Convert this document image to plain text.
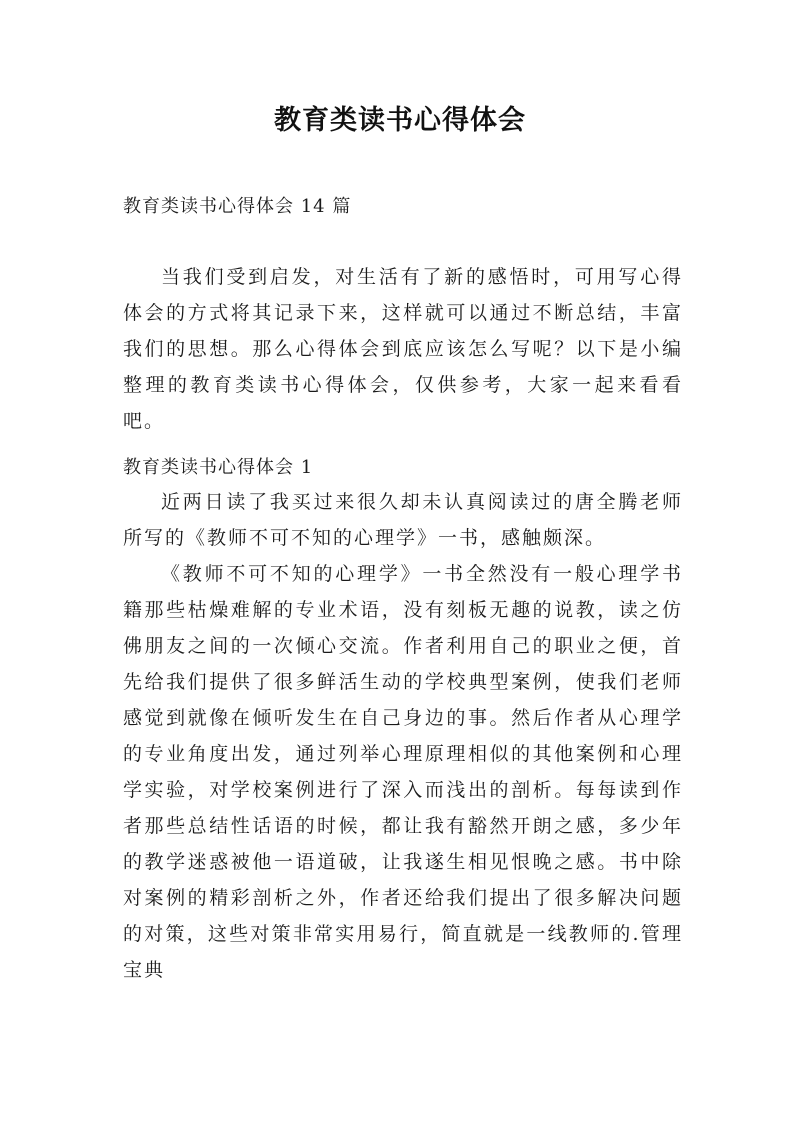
教育类读书心得体会
教育类读书心得体会 14 篇

当我们受到启发，对生活有了新的感悟时，可用写心得体会的方式将其记录下来，这样就可以通过不断总结，丰富我们的思想。那么心得体会到底应该怎么写呢？以下是小编整理的教育类读书心得体会，仅供参考，大家一起来看看吧。

教育类读书心得体会 1

近两日读了我买过来很久却未认真阅读过的唐全腾老师所写的《教师不可不知的心理学》一书，感触颇深。

《教师不可不知的心理学》一书全然没有一般心理学书籍那些枯燥难解的专业术语，没有刻板无趣的说教，读之仿佛朋友之间的一次倾心交流。作者利用自己的职业之便，首先给我们提供了很多鲜活生动的学校典型案例，使我们老师感觉到就像在倾听发生在自己身边的事。然后作者从心理学的专业角度出发，通过列举心理原理相似的其他案例和心理学实验，对学校案例进行了深入而浅出的剖析。每每读到作者那些总结性话语的时候，都让我有豁然开朗之感，多少年的教学迷惑被他一语道破，让我遂生相见恨晚之感。书中除对案例的精彩剖析之外，作者还给我们提出了很多解决问题的对策，这些对策非常实用易行，简直就是一线教师的.管理宝典
